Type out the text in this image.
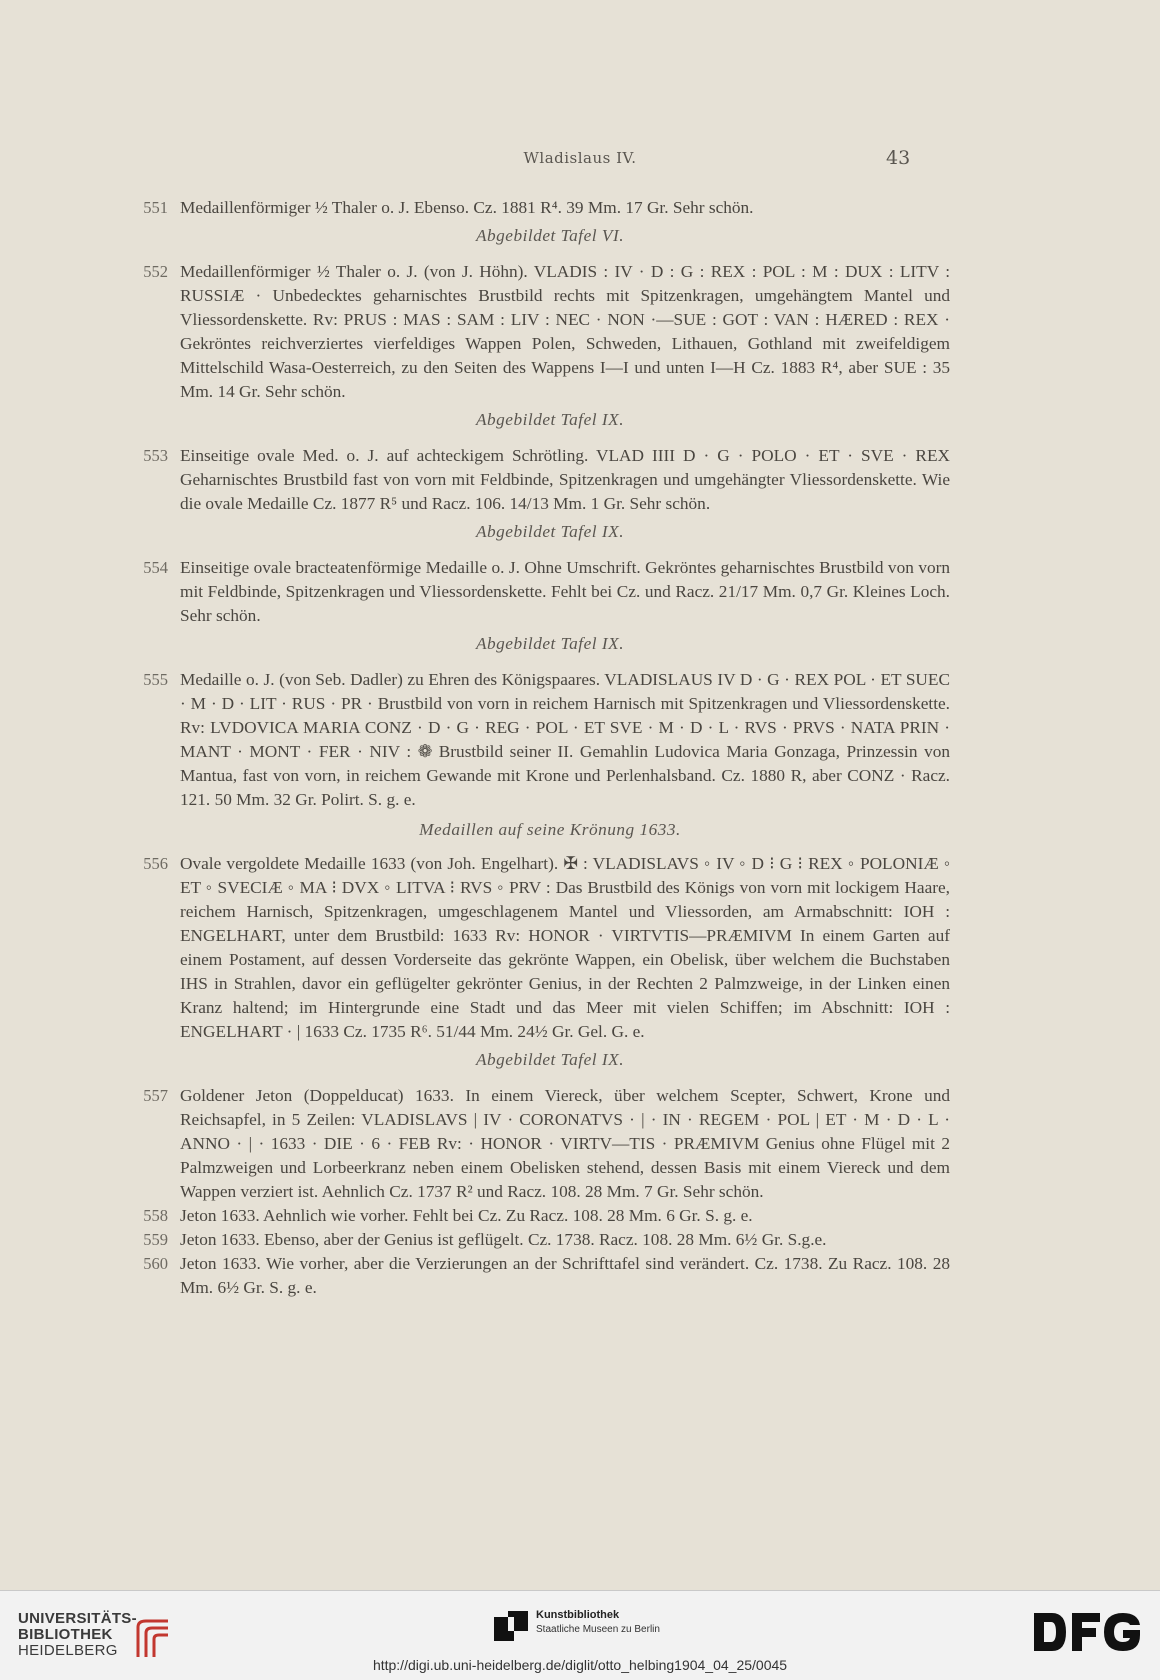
Wladislaus IV.	43

551 Medaillenförmiger ½ Thaler o. J. Ebenso. Cz. 1881 R⁴. 39 Mm. 17 Gr. Sehr schön.

Abgebildet Tafel VI.

552 Medaillenförmiger ½ Thaler o. J. (von J. Höhn). VLADIS : IV · D : G : REX : POL : M : DUX : LITV : RUSSIÆ · Unbedecktes geharnischtes Brustbild rechts mit Spitzenkragen, umgehängtem Mantel und Vliessordenskette. Rv: PRUS : MAS : SAM : LIV : NEC · NON ·—SUE : GOT : VAN : HÆRED : REX · Gekröntes reichverziertes vierfeldiges Wappen Polen, Schweden, Lithauen, Gothland mit zweifeldigem Mittelschild Wasa-Oesterreich, zu den Seiten des Wappens I—I und unten I—H Cz. 1883 R⁴, aber SUE : 35 Mm. 14 Gr. Sehr schön.

Abgebildet Tafel IX.

553 Einseitige ovale Med. o. J. auf achteckigem Schrötling. VLAD IIII D · G · POLO · ET · SVE · REX Geharnischtes Brustbild fast von vorn mit Feldbinde, Spitzenkragen und umgehängter Vliessordenskette. Wie die ovale Medaille Cz. 1877 R⁵ und Racz. 106. 14/13 Mm. 1 Gr. Sehr schön.

Abgebildet Tafel IX.

554 Einseitige ovale bracteatenförmige Medaille o. J. Ohne Umschrift. Gekröntes geharnischtes Brustbild von vorn mit Feldbinde, Spitzenkragen und Vliessordenskette. Fehlt bei Cz. und Racz. 21/17 Mm. 0,7 Gr. Kleines Loch. Sehr schön.

Abgebildet Tafel IX.

555 Medaille o. J. (von Seb. Dadler) zu Ehren des Königspaares. VLADISLAUS IV D · G · REX POL · ET SUEC · M · D · LIT · RUS · PR · Brustbild von vorn in reichem Harnisch mit Spitzenkragen und Vliessordenskette. Rv: LVDOVICA MARIA CONZ · D · G · REG · POL · ET SVE · M · D · L · RVS · PRVS · NATA PRIN · MANT · MONT · FER · NIV : ❁ Brustbild seiner II. Gemahlin Ludovica Maria Gonzaga, Prinzessin von Mantua, fast von vorn, in reichem Gewande mit Krone und Perlenhalsband. Cz. 1880 R, aber CONZ · Racz. 121. 50 Mm. 32 Gr. Polirt. S. g. e.

Medaillen auf seine Krönung 1633.

556 Ovale vergoldete Medaille 1633 (von Joh. Engelhart). ✠ : VLADISLAVS ◦ IV ◦ D ⁝ G ⁝ REX ◦ POLONIÆ ◦ ET ◦ SVECIÆ ◦ MA ⁝ DVX ◦ LITVA ⁝ RVS ◦ PRV : Das Brustbild des Königs von vorn mit lockigem Haare, reichem Harnisch, Spitzenkragen, umgeschlagenem Mantel und Vliessorden, am Armabschnitt: IOH : ENGELHART, unter dem Brustbild: 1633 Rv: HONOR · VIRTVTIS—PRÆMIVM In einem Garten auf einem Postament, auf dessen Vorderseite das gekrönte Wappen, ein Obelisk, über welchem die Buchstaben IHS in Strahlen, davor ein geflügelter gekrönter Genius, in der Rechten 2 Palmzweige, in der Linken einen Kranz haltend; im Hintergrunde eine Stadt und das Meer mit vielen Schiffen; im Abschnitt: IOH : ENGELHART · | 1633 Cz. 1735 R⁶. 51/44 Mm. 24½ Gr. Gel. G. e.

Abgebildet Tafel IX.

557 Goldener Jeton (Doppelducat) 1633. In einem Viereck, über welchem Scepter, Schwert, Krone und Reichsapfel, in 5 Zeilen: VLADISLAVS | IV · CORONATVS · | · IN · REGEM · POL | ET · M · D · L · ANNO · | · 1633 · DIE · 6 · FEB Rv: · HONOR · VIRTV—TIS · PRÆMIVM Genius ohne Flügel mit 2 Palmzweigen und Lorbeerkranz neben einem Obelisken stehend, dessen Basis mit einem Viereck und dem Wappen verziert ist. Aehnlich Cz. 1737 R² und Racz. 108. 28 Mm. 7 Gr. Sehr schön.

558 Jeton 1633. Aehnlich wie vorher. Fehlt bei Cz. Zu Racz. 108. 28 Mm. 6 Gr. S. g. e.

559 Jeton 1633. Ebenso, aber der Genius ist geflügelt. Cz. 1738. Racz. 108. 28 Mm. 6½ Gr. S.g.e.

560 Jeton 1633. Wie vorher, aber die Verzierungen an der Schrifttafel sind verändert. Cz. 1738. Zu Racz. 108. 28 Mm. 6½ Gr. S. g. e.

UNIVERSITÄTS-
BIBLIOTHEK
HEIDELBERG
Kunstbibliothek
Staatliche Museen zu Berlin
http://digi.ub.uni-heidelberg.de/diglit/otto_helbing1904_04_25/0045
